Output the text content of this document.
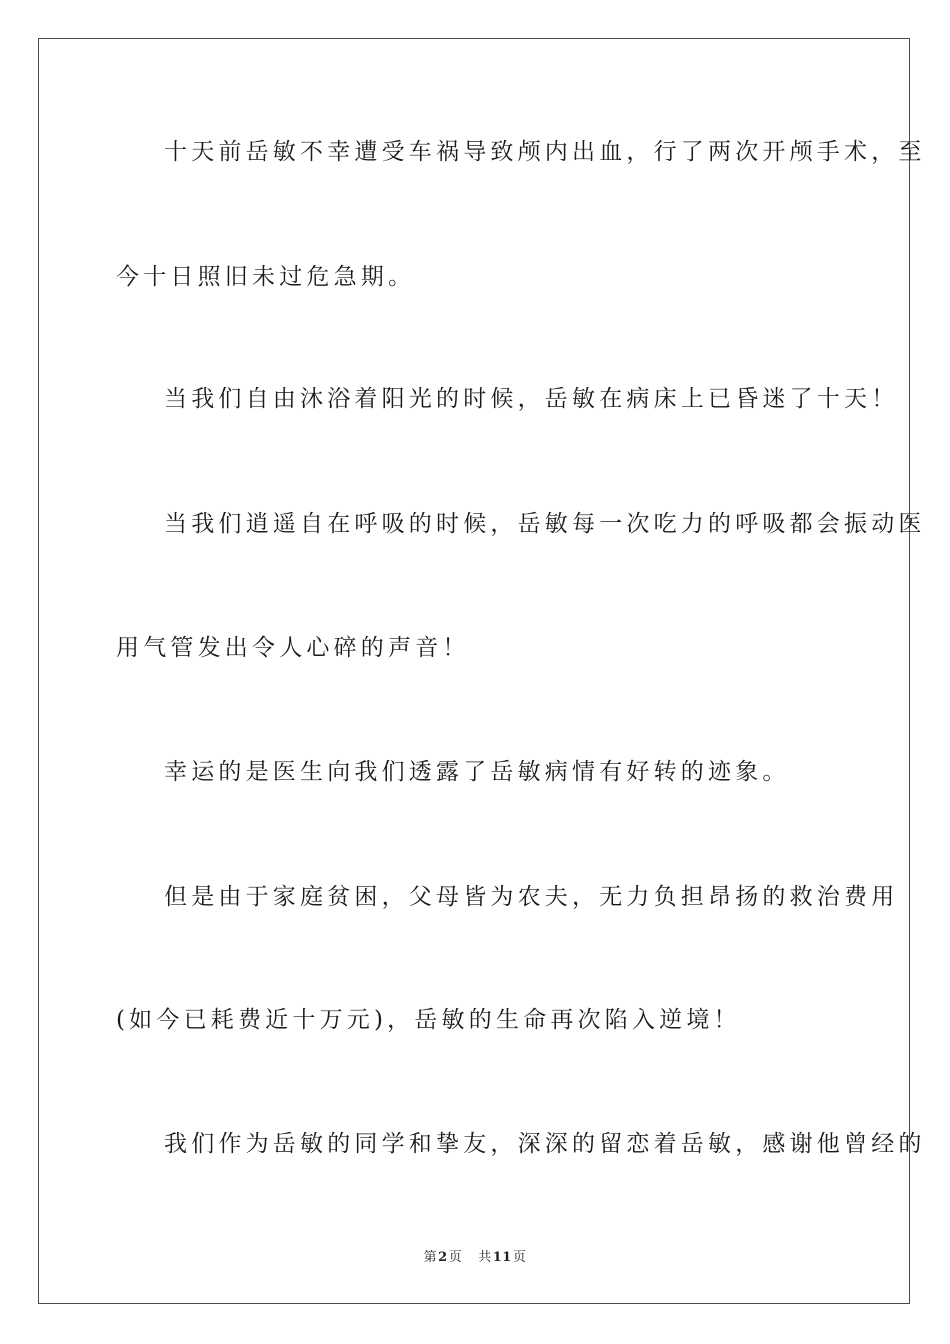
十天前岳敏不幸遭受车祸导致颅内出血，行了两次开颅手术，至
今十日照旧未过危急期。
当我们自由沐浴着阳光的时候，岳敏在病床上已昏迷了十天！
当我们逍遥自在呼吸的时候，岳敏每一次吃力的呼吸都会振动医
用气管发出令人心碎的声音！
幸运的是医生向我们透露了岳敏病情有好转的迹象。
但是由于家庭贫困，父母皆为农夫，无力负担昂扬的救治费用
(如今已耗费近十万元)，岳敏的生命再次陷入逆境！
我们作为岳敏的同学和挚友，深深的留恋着岳敏，感谢他曾经的
第2页 共11页
